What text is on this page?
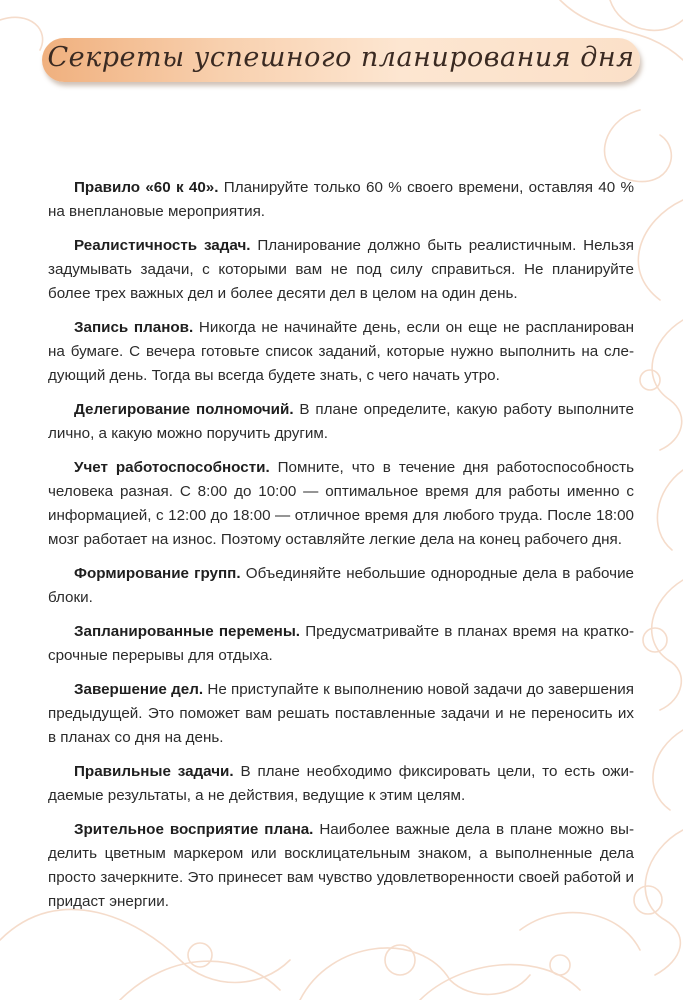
Секреты успешного планирования дня

Правило «60 к 40». Планируйте только 60 % своего времени, оставляя 40 % на внеплановые мероприятия.

Реалистичность задач. Планирование должно быть реалистичным. Нельзя задумывать задачи, с которыми вам не под силу справиться. Не планируйте более трех важных дел и более десяти дел в целом на один день.

Запись планов. Никогда не начинайте день, если он еще не распланирован на бумаге. С вечера готовьте список заданий, которые нужно выполнить на следующий день. Тогда вы всегда будете знать, с чего начать утро.

Делегирование полномочий. В плане определите, какую работу выполните лично, а какую можно поручить другим.

Учет работоспособности. Помните, что в течение дня работоспособность человека разная. С 8:00 до 10:00 — оптимальное время для работы именно с информацией, с 12:00 до 18:00 — отличное время для любого труда. После 18:00 мозг работает на износ. Поэтому оставляйте легкие дела на конец рабочего дня.

Формирование групп. Объединяйте небольшие однородные дела в рабочие блоки.

Запланированные перемены. Предусматривайте в планах время на краткосрочные перерывы для отдыха.

Завершение дел. Не приступайте к выполнению новой задачи до завершения предыдущей. Это поможет вам решать поставленные задачи и не переносить их в планах со дня на день.

Правильные задачи. В плане необходимо фиксировать цели, то есть ожидаемые результаты, а не действия, ведущие к этим целям.

Зрительное восприятие плана. Наиболее важные дела в плане можно выделить цветным маркером или восклицательным знаком, а выполненные дела просто зачеркните. Это принесет вам чувство удовлетворенности своей работой и придаст энергии.
